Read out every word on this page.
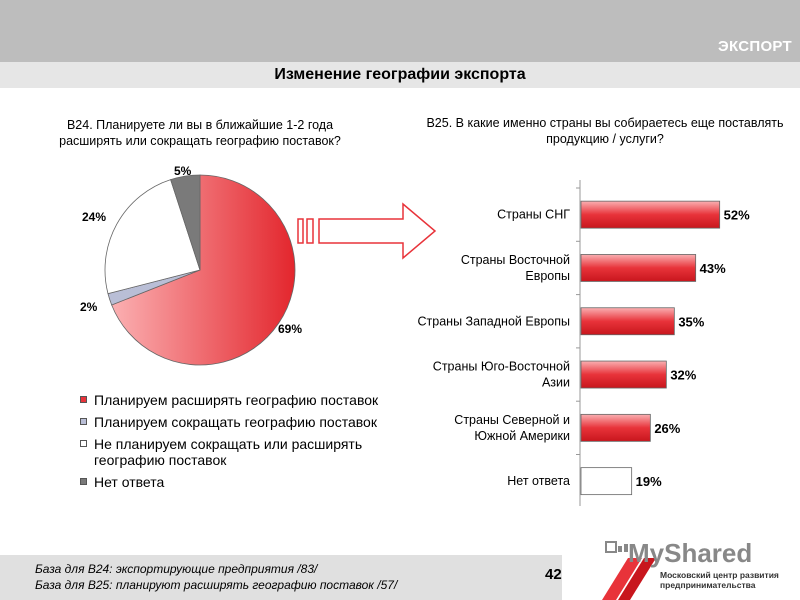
ЭКСПОРТ
Изменение географии экспорта
В24. Планируете ли вы в ближайшие 1-2 года расширять или сокращать географию поставок?
В25. В какие именно страны вы собираетесь еще поставлять продукцию / услуги?
69%
2%
24%
5%
Планируем расширять географию поставок
Планируем сокращать географию поставок
Не планируем сокращать или расширять географию поставок
Нет ответа
52%
Страны СНГ
43%
Страны Восточной Европы
35%
Страны Западной Европы
32%
Страны Юго-Восточной Азии
26%
Страны Северной и Южной Америки
19%
Нет ответа
База для В24: экспортирующие предприятия /83/
База для В25: планируют расширять географию поставок /57/
42
MyShared
Московский центр развития предпринимательства
